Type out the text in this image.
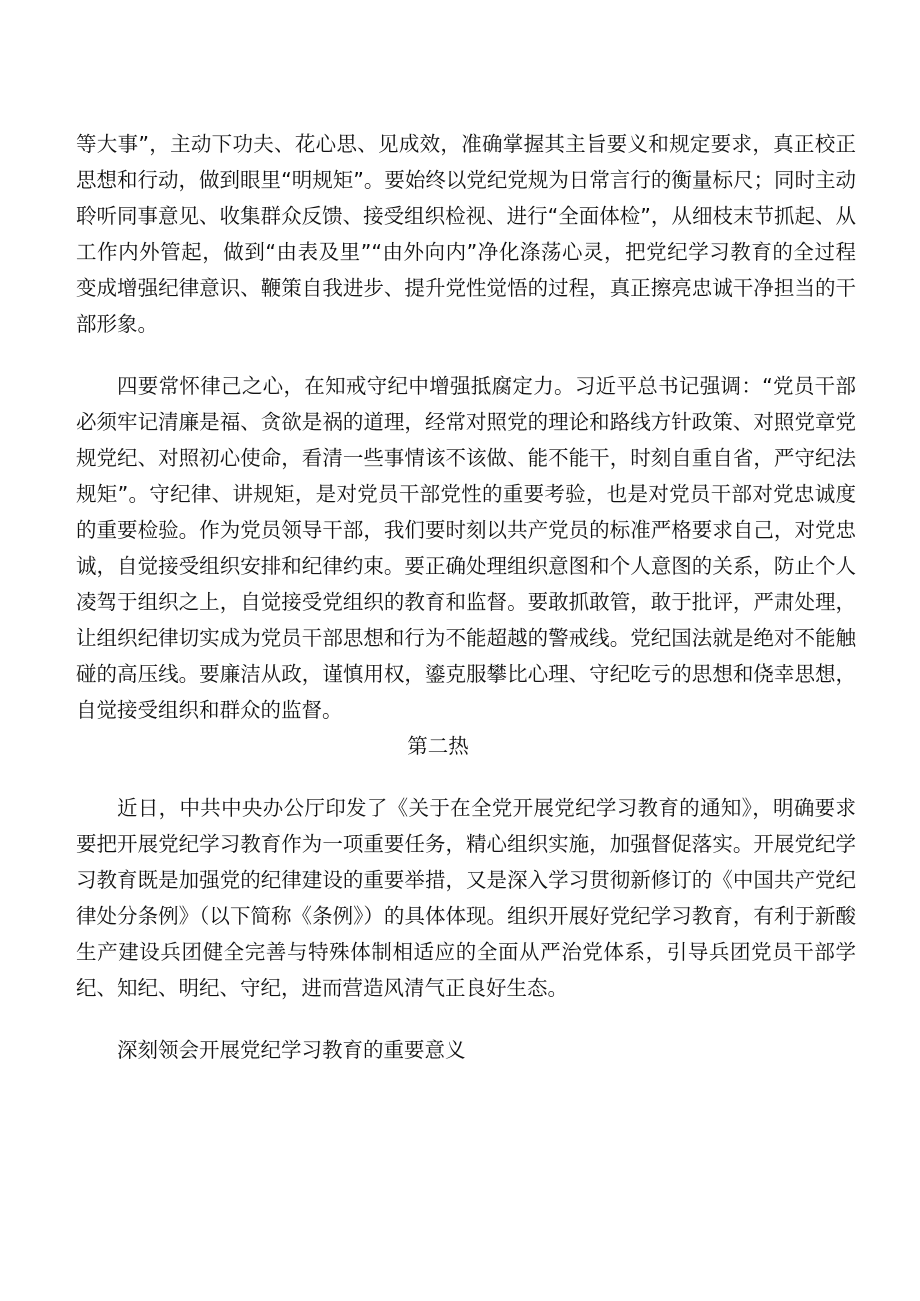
等大事”，主动下功夫、花心思、见成效，准确掌握其主旨要义和规定要求，真正校正思想和行动，做到眼里“明规矩”。要始终以党纪党规为日常言行的衡量标尺；同时主动聆听同事意见、收集群众反馈、接受组织检视、进行“全面体检”，从细枝末节抓起、从工作内外管起，做到“由表及里”“由外向内”净化涤荡心灵，把党纪学习教育的全过程变成增强纪律意识、鞭策自我进步、提升党性觉悟的过程，真正擦亮忠诚干净担当的干部形象。

四要常怀律己之心，在知戒守纪中增强抵腐定力。习近平总书记强调：“党员干部必须牢记清廉是福、贪欲是祸的道理，经常对照党的理论和路线方针政策、对照党章党规党纪、对照初心使命，看清一些事情该不该做、能不能干，时刻自重自省，严守纪法规矩”。守纪律、讲规矩，是对党员干部党性的重要考验，也是对党员干部对党忠诚度的重要检验。作为党员领导干部，我们要时刻以共产党员的标准严格要求自己，对党忠诚，自觉接受组织安排和纪律约束。要正确处理组织意图和个人意图的关系，防止个人凌驾于组织之上，自觉接受党组织的教育和监督。要敢抓敢管，敢于批评，严肃处理，让组织纪律切实成为党员干部思想和行为不能超越的警戒线。党纪国法就是绝对不能触碰的高压线。要廉洁从政，谨慎用权，鎏克服攀比心理、守纪吃亏的思想和侥幸思想，自觉接受组织和群众的监督。

第二热

近日，中共中央办公厅印发了《关于在全党开展党纪学习教育的通知》，明确要求要把开展党纪学习教育作为一项重要任务，精心组织实施，加强督促落实。开展党纪学习教育既是加强党的纪律建设的重要举措，又是深入学习贯彻新修订的《中国共产党纪律处分条例》（以下简称《条例》）的具体体现。组织开展好党纪学习教育，有利于新酸生产建设兵团健全完善与特殊体制相适应的全面从严治党体系，引导兵团党员干部学纪、知纪、明纪、守纪，进而营造风清气正良好生态。

深刻领会开展党纪学习教育的重要意义
